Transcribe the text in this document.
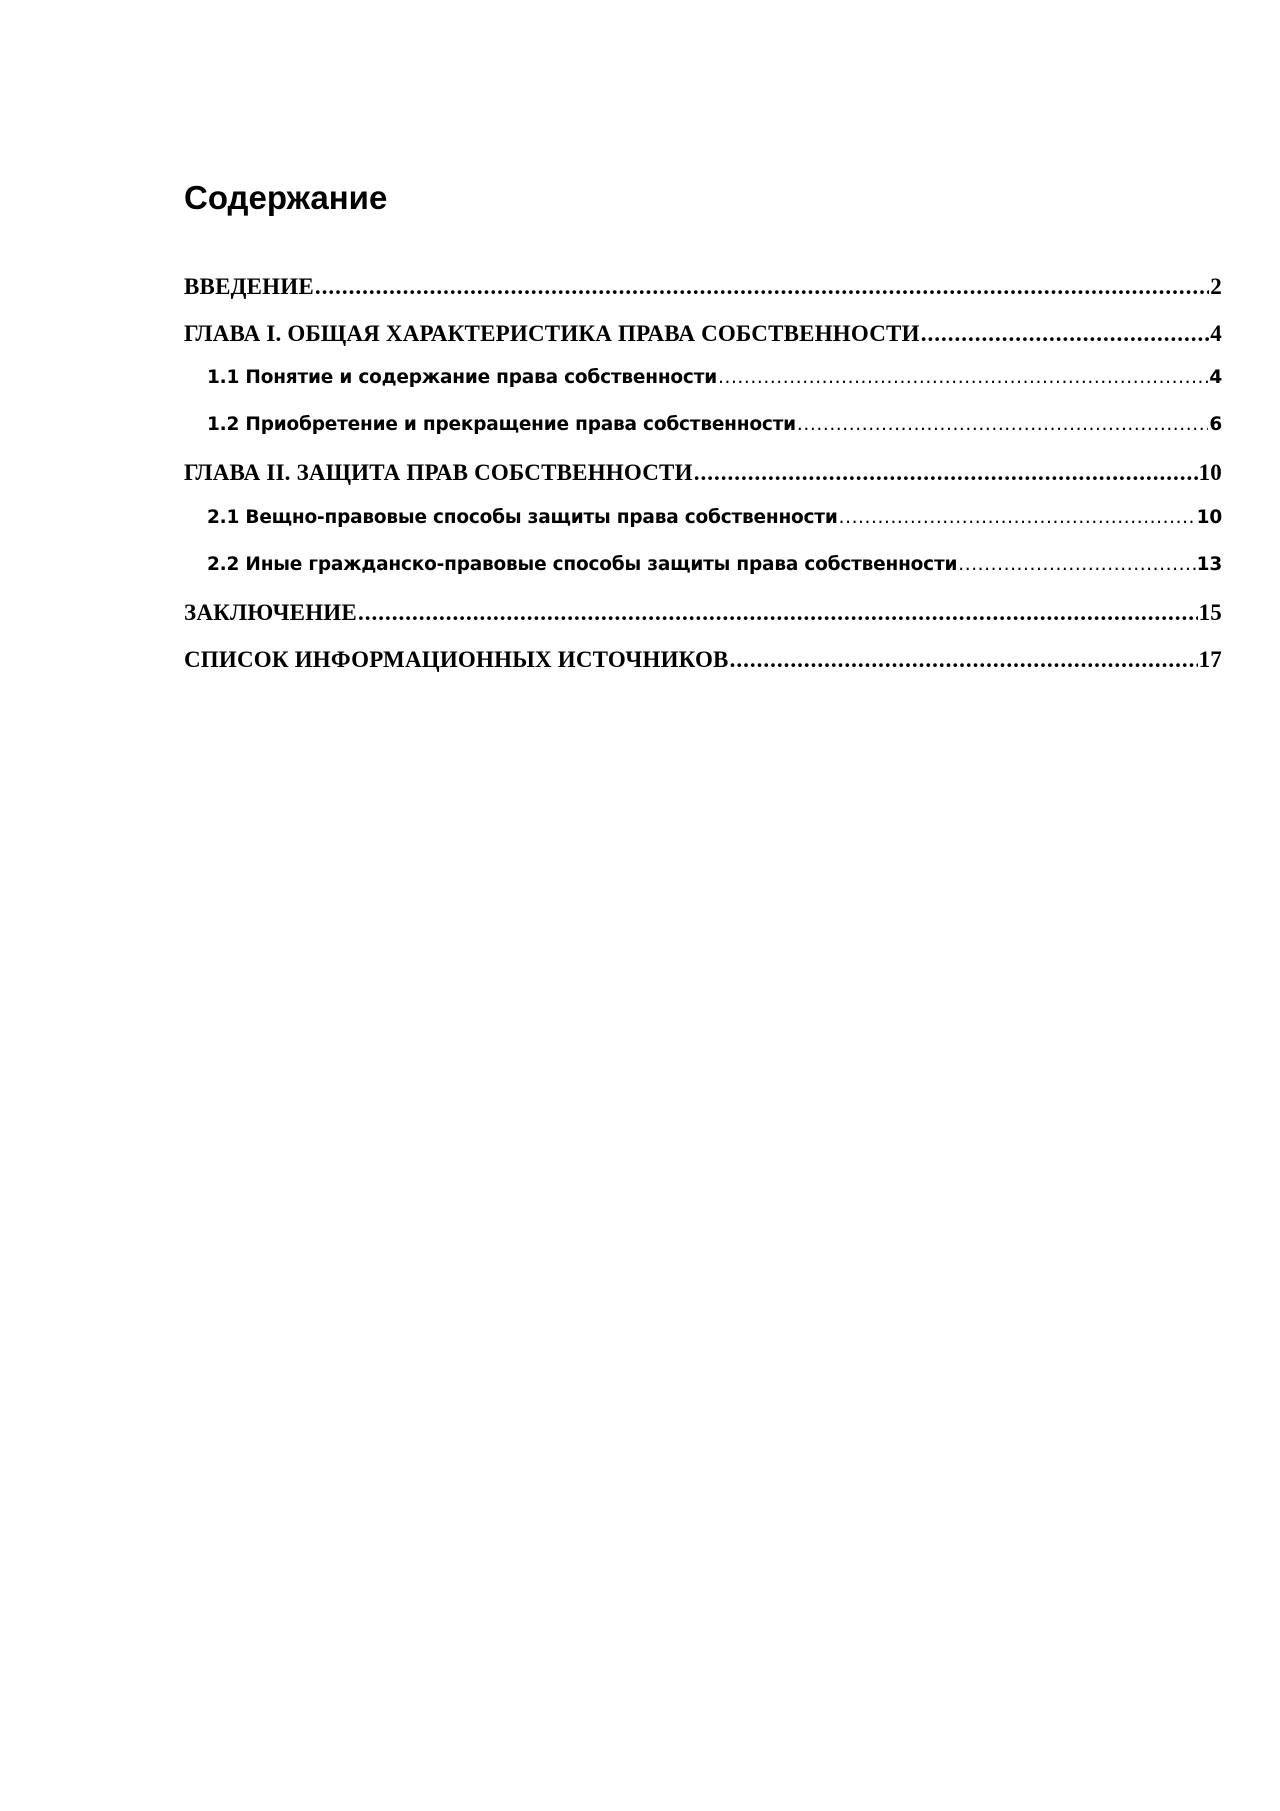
Содержание
ВВЕДЕНИЕ .....	2
ГЛАВА I. ОБЩАЯ ХАРАКТЕРИСТИКА ПРАВА СОБСТВЕННОСТИ .....	4
1.1 Понятие и содержание права собственности .....	4
1.2 Приобретение и прекращение права собственности .....	6
ГЛАВА II. ЗАЩИТА ПРАВ СОБСТВЕННОСТИ .....	10
2.1 Вещно-правовые способы защиты права собственности .....	10
2.2 Иные гражданско-правовые способы защиты права собственности .....	13
ЗАКЛЮЧЕНИЕ .....	15
СПИСОК ИНФОРМАЦИОННЫХ ИСТОЧНИКОВ .....	17
